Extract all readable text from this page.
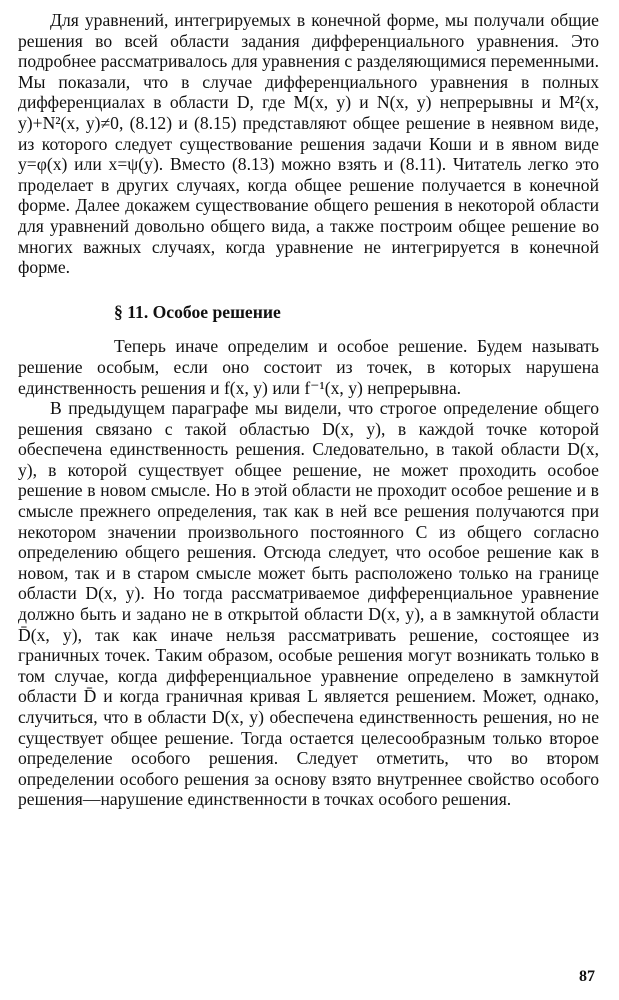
Для уравнений, интегрируемых в конечной форме, мы получали общие решения во всей области задания дифференциального уравнения. Это подробнее рассматривалось для уравнения с разделяющимися переменными. Мы показали, что в случае дифференциального уравнения в полных дифференциалах в области D, где M(x, y) и N(x, y) непрерывны и M²(x, y)+N²(x, y)≠0, (8.12) и (8.15) представляют общее решение в неявном виде, из которого следует существование решения задачи Коши и в явном виде y=φ(x) или x=ψ(y). Вместо (8.13) можно взять и (8.11). Читатель легко это проделает в других случаях, когда общее решение получается в конечной форме. Далее докажем существование общего решения в некоторой области для уравнений довольно общего вида, а также построим общее решение во многих важных случаях, когда уравнение не интегрируется в конечной форме.

§ 11. Особое решение

Теперь иначе определим и особое решение. Будем называть решение особым, если оно состоит из точек, в которых нарушена единственность решения и f(x, y) или f⁻¹(x, y) непрерывна.

В предыдущем параграфе мы видели, что строгое определение общего решения связано с такой областью D(x, y), в каждой точке которой обеспечена единственность решения. Следовательно, в такой области D(x, y), в которой существует общее решение, не может проходить особое решение в новом смысле. Но в этой области не проходит особое решение и в смысле прежнего определения, так как в ней все решения получаются при некотором значении произвольного постоянного C из общего согласно определению общего решения. Отсюда следует, что особое решение как в новом, так и в старом смысле может быть расположено только на границе области D(x, y). Но тогда рассматриваемое дифференциальное уравнение должно быть и задано не в открытой области D(x, y), а в замкнутой области D̄(x, y), так как иначе нельзя рассматривать решение, состоящее из граничных точек. Таким образом, особые решения могут возникать только в том случае, когда дифференциальное уравнение определено в замкнутой области D̄ и когда граничная кривая L является решением. Может, однако, случиться, что в области D(x, y) обеспечена единственность решения, но не существует общее решение. Тогда остается целесообразным только второе определение особого решения. Следует отметить, что во втором определении особого решения за основу взято внутреннее свойство особого решения—нарушение единственности в точках особого решения.

87
